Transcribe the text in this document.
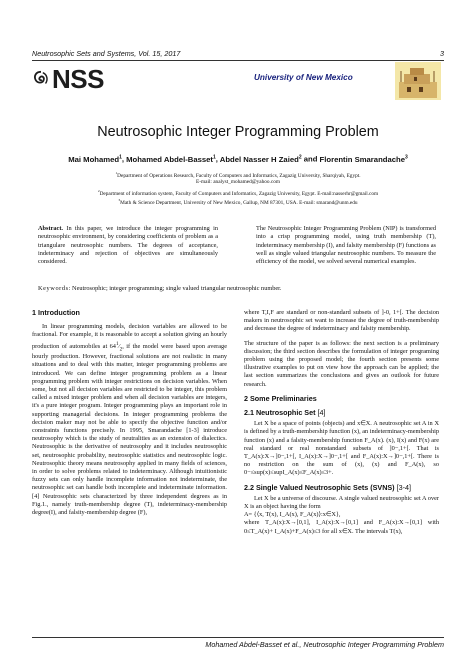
Neutrosophic Sets and Systems, Vol. 15, 2017	3
NSS	University of New Mexico
Neutrosophic Integer Programming Problem
Mai Mohamed$^1$, Mohamed Abdel-Basset$^1$, Abdel Nasser H Zaied$^2$ and Florentin Smarandache$^3$
$^1$Department of Operations Research, Faculty of Computers and Informatics, Zagazig University, Sharqiyah, Egypt.
E-mail: analyst_mohamed@yahoo.com
$^2$Department of information system, Faculty of Computers and Informatics, Zagazig University, Egypt. E-mail:nasserhr@gmail.com
$^3$Math & Science Department, University of New Mexico, Gallup, NM 87301, USA. E-mail: smarand@unm.edu
Abstract. In this paper, we introduce the integer programming in neutrosophic environment, by considering coefficients of problem as a triangulare neutrosophic numbers. The degrees of acceptance, indeterminacy and rejection of objectives are simultaneously considered.
The Neutrosophic Integer Programming Problem (NIP) is transformed into a crisp programming model, using truth membership (T), indeterminacy membership (I), and falsity membership (F) functions as well as single valued triangular neutrosophic numbers. To measure the efficiency of the model, we solved several numerical examples.
Keywords: Neutrosophic; integer programming; single valued triangular neutrosophic number.
1 Introduction

In linear programming models, decision variables are allowed to be fractional. For example, it is reasonable to accept a solution giving an hourly production of automobiles at $64^1⁄_2$, if the model were based upon average hourly production. However, fractional solutions are not realistic in many situations and to deal with this matter, integer programming problems are introduced. We can define integer programming problem as a linear programming problem with integer restrictions on decision variables. When some, but not all decision variables are restricted to be integer, this problem called a mixed integer problem and when all decision variables are integers, it's a pure integer program. Integer programming plays an important role in supporting managerial decisions. In integer programming problems the decision maker may not be able to specify the objective function and/or constraints functions precisely. In 1995, Smarandache [1-3] introduce neutrosophy which is the study of neutralities as an extension of dialectics. Neutrosophic is the derivative of neutrosophy and it includes neutrosophic set, neutrosophic probability, neutrosophic statistics and neutrosophic logic. Neutrosophic theory means neutrosophy applied in many fields of sciences, in order to solve problems related to indeterminacy. Although intuitionistic fuzzy sets can only handle incomplete information not indeterminate, the neutrosophic set can handle both incomplete and indeterminate information.[4] Neutrosophic sets characterized by three independent degrees as in Fig.1., namely truth-membership degree (T), indeterminacy-membership degree(I), and falsity-membership degree (F),

where T,I,F are standard or non-standard subsets of ]-0, 1+[. The decision makers in neutrosophic set want to increase the degree of truth-membership and decrease the degree of indeterminacy and falsity membership.

The structure of the paper is as follows: the next section is a preliminary discussion; the third section describes the formulation of integer programing problem using the proposed model; the fourth section presents some illustrative examples to put on view how the approach can be applied; the last section summarizes the conclusions and gives an outlook for future research.

2 Some Preliminaries
2.1 Neutrosophic Set [4]

Let X be a space of points (objects) and x∈X. A neutrosophic set A in X is defined by a truth-membership function (x), an indeterminacy-membership function (x) and a falsity-membership function F_A(x). (x), I(x) and F(x) are real standard or real nonstandard subsets of ]0−,1+[. That is T_A(x):X→]0−,1+[, I_A(x):X→]0−,1+[ and F_A(x):X→]0−,1+[. There is no restriction on the sum of (x), (x) and F_A(x), so 0−≤sup(x)≤supI_A(x)≤F_A(x)≤3+.

2.2 Single Valued Neutrosophic Sets (SVNS) [3-4]

Let X be a universe of discourse. A single valued neutrosophic set A over X is an object having the form

A= {⟨x, T(x), I_A(x), F_A(x)⟩:x∈X},

where T_A(x):X→[0,1], I_A(x):X→[0,1] and F_A(x):X→[0,1] with 0≤T_A(x)+ I_A(x)+F_A(x)≤3 for all x∈X. The intervals T(x),

Mohamed Abdel-Basset et al., Neutrosophic Integer Programming Problem
